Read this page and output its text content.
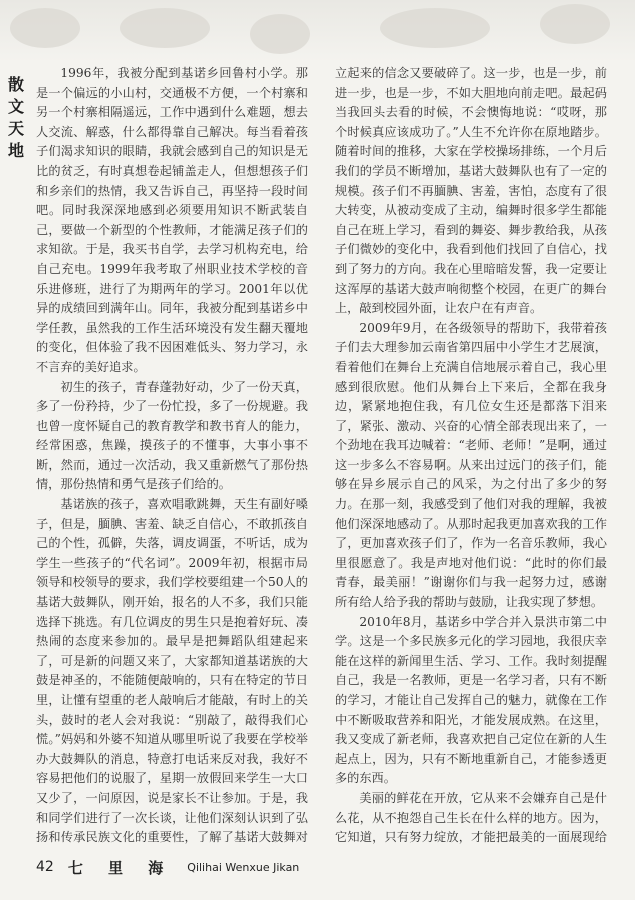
散
文
天
地

1996年，我被分配到基诺乡回鲁村小学。那是一个偏远的小山村，交通极不方便，一个村寨和另一个村寨相隔遥远，工作中遇到什么难题，想去人交流、解惑，什么都得靠自己解决。每当看着孩子们渴求知识的眼睛，我就会感到自己的知识是无比的贫乏，有时真想卷起铺盖走人，但想想孩子们和乡亲们的热情，我又告诉自己，再坚持一段时间吧。同时我深深地感到必须要用知识不断武装自己，要做一个新型的个性教师，才能满足孩子们的求知欲。于是，我买书自学，去学习机构充电，给自己充电。1999年我考取了州职业技术学校的音乐进修班，进行了为期两年的学习。2001年以优异的成绩回到满年山。同年，我被分配到基诺乡中学任教，虽然我的工作生活环境没有发生翻天覆地的变化，但体验了我不因困难低头、努力学习，永不言弃的美好追求。

初生的孩子，青春蓬勃好动，少了一份天真，多了一份矜持，少了一份忙投，多了一份规避。我也曾一度怀疑自己的教育教学和教书育人的能力，经常困惑，焦躁，摸孩子的不懂事，大事小事不断，然而，通过一次活动，我又重新燃气了那份热情，那份热情和勇气是孩子们给的。

基诺族的孩子，喜欢唱歌跳舞，天生有副好嗓子，但是，腼腆、害羞、缺乏自信心，不敢抓孩自己的个性，孤僻，失落，调皮调蛋，不听话，成为学生一些孩子的“代名词”。2009年初，根据市局领导和校领导的要求，我们学校要组建一个50人的基诺大鼓舞队，刚开始，报名的人不多，我们只能选择下挑选。有几位调皮的男生只是抱着好玩、凑热闹的态度来参加的。最早是把舞蹈队组建起来了，可是新的问题又来了，大家都知道基诺族的大鼓是神圣的，不能随便敲响的，只有在特定的节日里，让懂有望重的老人敲响后才能敲，有时上的关头，鼓时的老人会对我说：“别敲了，敲得我们心慌。”妈妈和外婆不知道从哪里听说了我要在学校举办大鼓舞队的消息，特意打电话来反对我，我好不容易把他们的说服了，星期一放假回来学生一大口又少了，一问原因，说是家长不让参加。于是，我和同学们进行了一次长谈，让他们深刻认识到了弘扬和传承民族文化的重要性，了解了基诺大鼓舞对

立起来的信念又要破碎了。这一步，也是一步，前进一步，也是一步，不如大胆地向前走吧。最起码当我回头去看的时候，不会懊悔地说：“哎呀，那个时候真应该成功了。”人生不允许你在原地踏步。随着时间的推移，大家在学校操场排练，一个月后我们的学员不断增加，基诺大鼓舞队也有了一定的规模。孩子们不再腼腆、害羞，害怕，态度有了很大转变，从被动变成了主动，编舞时很多学生都能自己在班上学习，看到的舞姿、舞步教给我，从孩子们微妙的变化中，我看到他们找回了自信心，找到了努力的方向。我在心里暗暗发誓，我一定要让这浑厚的基诺大鼓声响彻整个校园，在更广的舞台上，敲到校园外面，让农户在有声音。

2009年9月，在各级领导的帮助下，我带着孩子们去大理参加云南省第四届中小学生才艺展演，看着他们在舞台上充满自信地展示着自己，我心里感到很欣慰。他们从舞台上下来后，全都在我身边，紧紧地抱住我，有几位女生还是都落下泪来了，紧张、激动、兴奋的心情全部表现出来了，一个劲地在我耳边喊着：“老师、老师！”是啊，通过这一步多么不容易啊。从来出过远门的孩子们，能够在异乡展示自己的风采，为之付出了多少的努力。在那一刻，我感受到了他们对我的理解，我被他们深深地感动了。从那时起我更加喜欢我的工作了，更加喜欢孩子们了，作为一名音乐教师，我心里很愿意了。我是声地对他们说：“此时的你们最青春，最美丽！”谢谢你们与我一起努力过，感谢所有给人给予我的帮助与鼓励，让我实现了梦想。

2010年8月，基诺乡中学合并入景洪市第二中学。这是一个多民族多元化的学习园地，我很庆幸能在这样的新闻里生活、学习、工作。我时刻提醒自己，我是一名教师，更是一名学习者，只有不断的学习，才能让自己发挥自己的魅力，就像在工作中不断吸取营养和阳光，才能发展成熟。在这里，我又变成了新老师，我喜欢把自己定位在新的人生起点上，因为，只有不断地重新自己，才能参透更多的东西。

美丽的鲜花在开放，它从来不会嫌弃自己是什么花，从不抱怨自己生长在什么样的地方。因为，它知道，只有努力绽放，才能把最美的一面展现给

42 七 里 海 Qilihai Wenxue Jikan
